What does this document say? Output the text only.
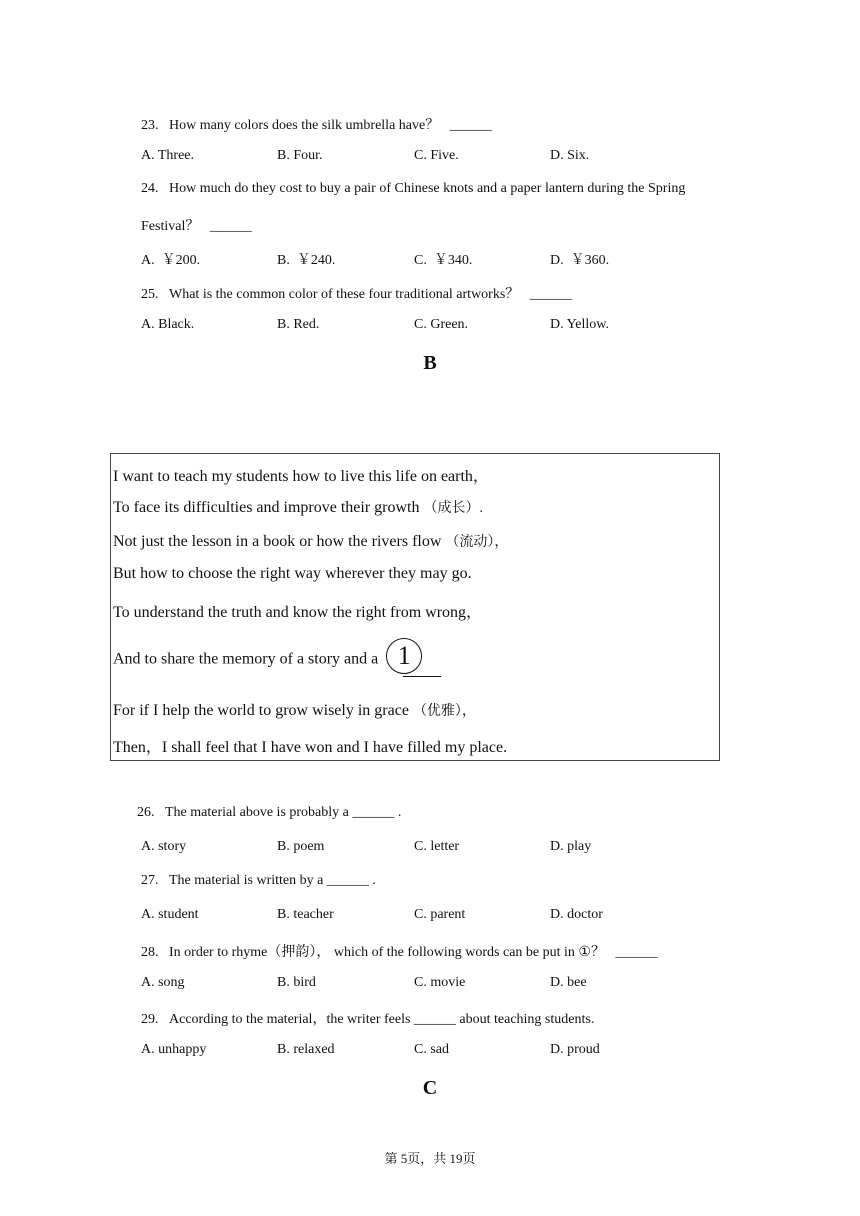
23.   How many colors does the silk umbrella have？   ______
A. Three.	B. Four.	C. Five.	D. Six.
24.   How much do they cost to buy a pair of Chinese knots and a paper lantern during the Spring
Festival？   ______
A.  ￥200.	B.  ￥240.	C.  ￥340.	D.  ￥360.
25.   What is the common color of these four traditional artworks？   ______
A. Black.	B. Red.	C. Green.	D. Yellow.
B
I want to teach my students how to live this life on earth，
To face its difficulties and improve their growth （成长）.
Not just the lesson in a book or how the rivers flow （流动），
But how to choose the right way wherever they may go.
To understand the truth and know the right from wrong，
And to share the memory of a story and a 1
For if I help the world to grow wisely in grace （优雅），
Then，I shall feel that I have won and I have filled my place.
26.   The material above is probably a ______ .
A. story	B. poem	C. letter	D. play
27.   The material is written by a ______ .
A. student	B. teacher	C. parent	D. doctor
28.   In order to rhyme（押韵）， which of the following words can be put in ①？   ______
A. song	B. bird	C. movie	D. bee
29.   According to the material，the writer feels ______ about teaching students.
A. unhappy	B. relaxed	C. sad	D. proud
C
第 5页，共 19页
